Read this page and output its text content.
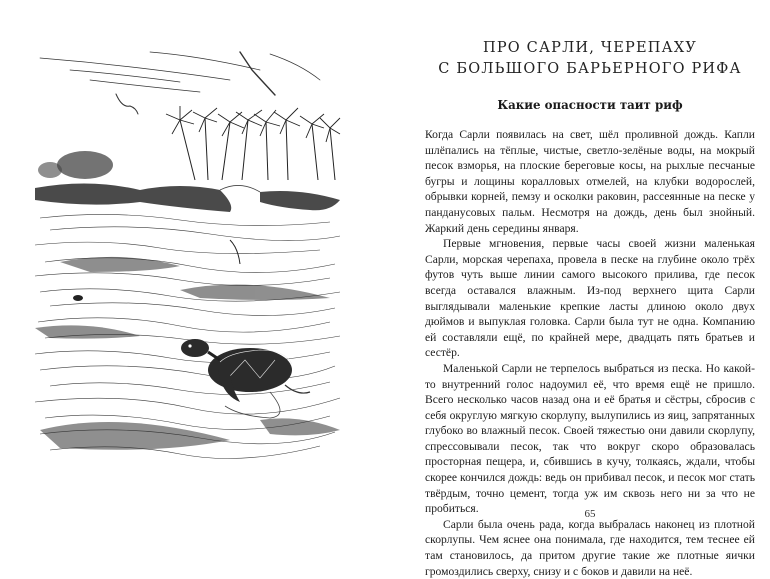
ПРО САРЛИ, ЧЕРЕПАХУ
С БОЛЬШОГО БАРЬЕРНОГО РИФА
Какие опасности таит риф

Когда Сарли появилась на свет, шёл проливной дождь. Капли шлёпались на тёплые, чистые, светло-зелёные воды, на мокрый песок взморья, на плоские береговые косы, на рыхлые песчаные бугры и лощины коралловых отмелей, на клубки водорослей, обрывки корней, пемзу и осколки раковин, рассеянные на песке у панданусовых пальм. Несмотря на дождь, день был знойный. Жаркий день середины января.

Первые мгновения, первые часы своей жизни маленькая Сарли, морская черепаха, провела в песке на глубине около трёх футов чуть выше линии самого высокого прилива, где песок всегда оставался влажным. Из-под верхнего щита Сарли выглядывали маленькие крепкие ласты длиною около двух дюймов и выпуклая головка. Сарли была тут не одна. Компанию ей составляли ещё, по крайней мере, двадцать пять братьев и сестёр.

Маленькой Сарли не терпелось выбраться из песка. Но какой-то внутренний голос надоумил её, что время ещё не пришло. Всего несколько часов назад она и её братья и сёстры, сбросив с себя округлую мягкую скорлупу, вылупились из яиц, запрятанных глубоко во влажный песок. Своей тяжестью они давили скорлупу, спрессовывали песок, так что вокруг скоро образовалась просторная пещера, и, сбившись в кучу, толкаясь, ждали, чтобы скорее кончился дождь: ведь он прибивал песок, и песок мог стать твёрдым, точно цемент, тогда уж им сквозь него ни за что не пробиться.

Сарли была очень рада, когда выбралась наконец из плотной скорлупы. Чем яснее она понимала, где находится, тем теснее ей там становилось, да притом другие такие же плотные яички громоздились сверху, снизу и с боков и давили на неё.

65
